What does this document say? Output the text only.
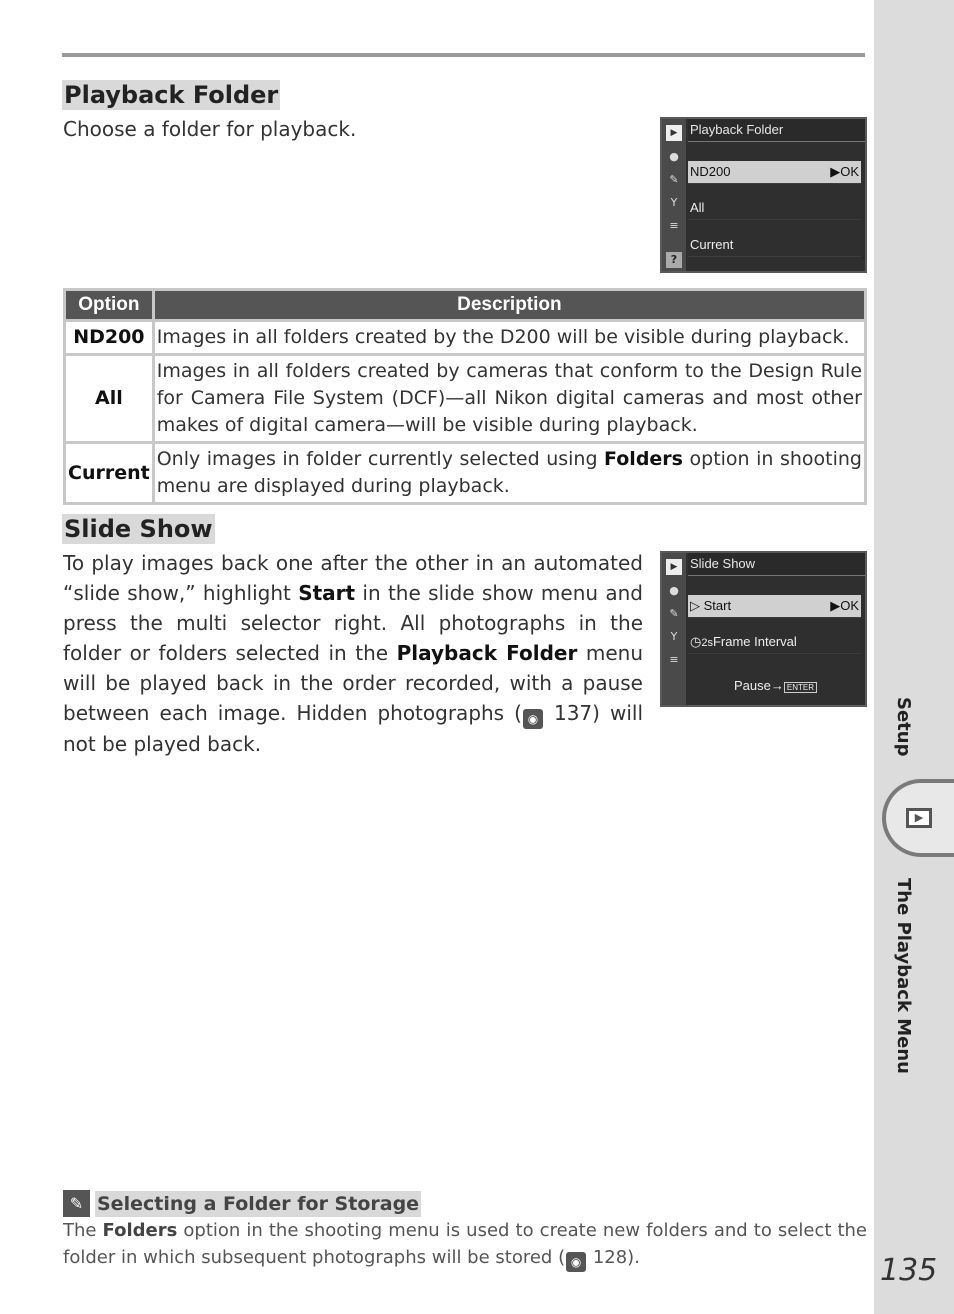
Playback Folder
Choose a folder for playback.	▶
●
✎
Y
≡
?
Playback Folder
ND200	▶OK
All
Current
Option	Description
ND200	Images in all folders created by the D200 will be visible during playback.
All	Images in all folders created by cameras that conform to the Design Rule for Camera File System (DCF)—all Nikon digital cameras and most other makes of digital camera—will be visible during playback.
Current	Only images in folder currently selected using Folders option in shooting menu are displayed during playback.
Slide Show
To play images back one after the other in an automated “slide show,” highlight Start in the slide show menu and press the multi selector right. All photographs in the folder or folders selected in the Playback Folder menu will be played back in the order recorded, with a pause between each image. Hidden photographs ( ◉ 137) will not be played back.
▶
●
✎
Y
≡
Slide Show
▷ Start	▶OK
◷2sFrame Interval
Pause→ ENTER
✎ Selecting a Folder for Storage
The Folders option in the shooting menu is used to create new folders and to select the folder in which subsequent photographs will be stored ( ◉ 128).
Setup
▶
The Playback Menu
135
